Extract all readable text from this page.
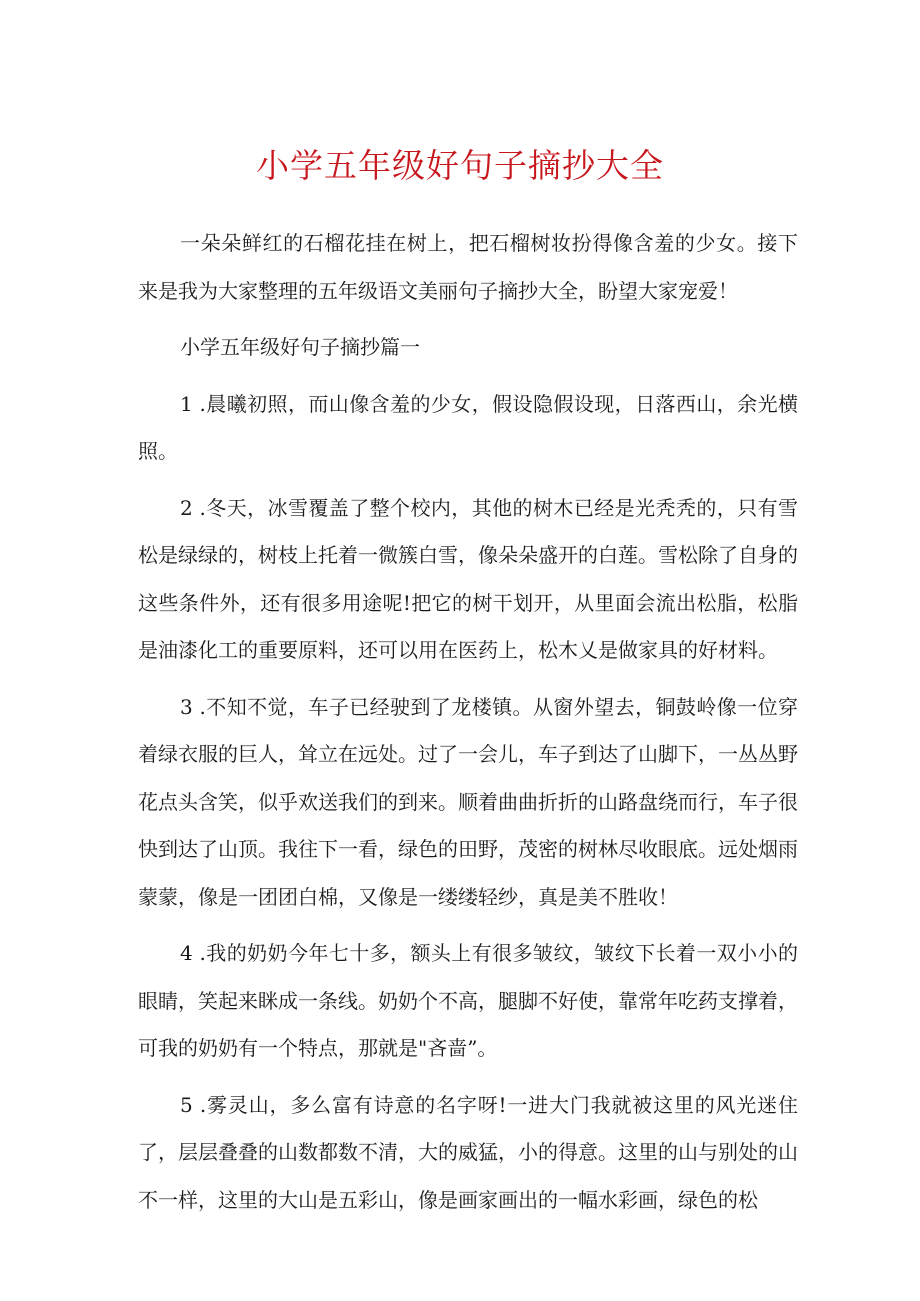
小学五年级好句子摘抄大全

一朵朵鲜红的石榴花挂在树上，把石榴树妆扮得像含羞的少女。接下来是我为大家整理的五年级语文美丽句子摘抄大全，盼望大家宠爱！

小学五年级好句子摘抄篇一

1 .晨曦初照，而山像含羞的少女，假设隐假设现，日落西山，余光横照。

2 .冬天，冰雪覆盖了整个校内，其他的树木已经是光秃秃的，只有雪松是绿绿的，树枝上托着一微簇白雪，像朵朵盛开的白莲。雪松除了自身的这些条件外，还有很多用途呢!把它的树干划开，从里面会流出松脂，松脂是油漆化工的重要原料，还可以用在医药上，松木乂是做家具的好材料。

3 .不知不觉，车子已经驶到了龙楼镇。从窗外望去，铜鼓岭像一位穿着绿衣服的巨人，耸立在远处。过了一会儿，车子到达了山脚下，一丛丛野花点头含笑，似乎欢送我们的到来。顺着曲曲折折的山路盘绕而行，车子很快到达了山顶。我往下一看，绿色的田野，茂密的树林尽收眼底。远处烟雨蒙蒙，像是一团团白棉，又像是一缕缕轻纱，真是美不胜收！

4 .我的奶奶今年七十多，额头上有很多皱纹，皱纹下长着一双小小的眼睛，笑起来眯成一条线。奶奶个不高，腿脚不好使，靠常年吃药支撑着，可我的奶奶有一个特点，那就是"吝啬”。

5 .雾灵山，多么富有诗意的名字呀!一进大门我就被这里的风光迷住了，层层叠叠的山数都数不清，大的威猛，小的得意。这里的山与别处的山不一样，这里的大山是五彩山，像是画家画出的一幅水彩画，绿色的松
